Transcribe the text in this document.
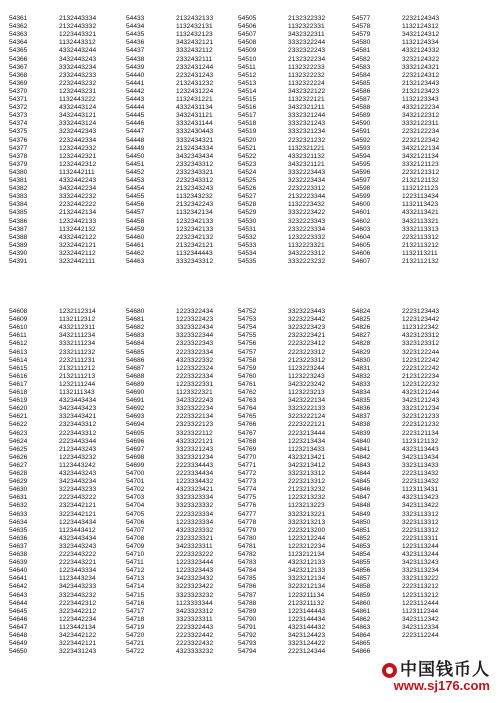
54361	2132443334
54362	2132443332
54363	1223443321
54364	1132443312
54365	4332443244
54366	3432443243
54367	3332443234
54368	2332443233
54369	2232443232
54370	1232443231
54371	1132443222
54372	4332443124
54373	3432443121
54374	3332443124
54375	3232442343
54376	2232442334
54377	1232442332
54378	1232442321
54379	1232442312
54380	1132442111
54381	4332442243
54382	3432442234
54383	3332442232
54384	2232442222
54385	2132442134
54386	1232442133
54387	1132442132
54388	4332442122
54389	3232442121
54390	3232442112
54391	3232442111
54433	2132432133
54434	1132432131
54435	1132432123
54436	3432432121
54437	3332432112
54438	2332432111
54439	2332431244
54440	2232431243
54441	2132431232
54442	1232431224
54443	1132431221
54444	4332431134
54445	3432431121
54446	3332431144
54447	3332430443
54448	3332434321
54449	2132434334
54450	3432343434
54451	2332343312
54452	2332343321
54453	2232343312
54454	2132343243
54455	1132343232
54456	2132342243
54457	1132342134
54458	1232342133
54459	1232342133
54460	2232342132
54461	2132342121
54462	1132344443
54463	3332343312
54505	2132322332
54506	1132322331
54507	3432322311
54508	3332322244
54509	2332322243
54510	2132322234
54511	1132322233
54512	1132322232
54513	1132322224
54514	3432322122
54515	1132322121
54516	3432321211
54517	3332321244
54518	3332321243
54519	3332321234
54520	2232321232
54521	1132321221
54522	4332321132
54523	3432321121
54524	3332223443
54525	3232223434
54526	2232223312
54527	2132223344
54528	1132223432
54529	3332223422
54530	3232223343
54531	2332223334
54532	1232223332
54533	1132223321
54534	3432223312
54535	3332223232
54577	2232124343
54578	1132124312
54579	3432124312
54580	1132124334
54581	4332124332
54582	3232124322
54583	3332124321
54584	2232124312
54585	2132123443
54586	2132123423
54587	1132123343
54588	4332122234
54589	3432122312
54590	3332122311
54591	2232122234
54592	2232122342
54593	3432122134
54594	3432121134
54595	3332121123
54596	2232121312
54597	2132121132
54598	1132121123
54599	1223113434
54600	1132113423
54601	4332113421
54602	3432113321
54603	3332113313
54604	2232113312
54605	2132113212
54606	1132113211
54607	2132112132
54608	1232112314
54609	1132112312
54610	4332112311
54611	3432111234
54612	3332111234
54613	2332111232
54614	2232111231
54615	2132111212
54616	2132111213
54617	1232111244
54618	1132111343
54619	4323443434
54620	3423443423
54621	3323443421
54622	2323443312
54623	2223443312
54624	2223443344
54625	2123443243
54626	1223443232
54627	1123443242
54628	4323443243
54629	3423443234
54630	3223443233
54631	2223443222
54632	2323442121
54633	3223442121
54634	1223443434
54635	1123443412
54636	4323443434
54637	3323443243
54638	2223443222
54639	2223443221
54640	1223443334
54641	1123443234
54642	3423443233
54643	3323443232
54644	2223442312
54645	3223442212
54646	1223442234
54647	1123442134
54648	3423442122
54649	3223442121
54650	3223431243
54680	1223322434
54681	1223322423
54682	3323322434
54683	3323322344
54684	2323322343
54685	2223322334
54686	4323322332
54687	1223322324
54688	2223322334
54689	1223322331
54690	1123322321
54691	3423322243
54692	3323322234
54693	2223322134
54694	2323322123
54695	3323322112
54696	4323322121
54697	3323321243
54698	3323321234
54699	2223334443
54700	2223334434
54701	1223334432
54702	4323323421
54703	3323323334
54704	3323323332
54705	2223323334
54706	1223323334
54707	4323323332
54708	2323323321
54709	3423323311
54710	2223323222
54711	1223323444
54712	1223323443
54713	3423323432
54714	3223323422
54715	3323323232
54716	1123333344
54717	3423323312
54718	3323323311
54719	2223322443
54720	2223322442
54721	2223322432
54722	4323333232
54752	3323223443
54753	3223223442
54754	3223223423
54755	2323223421
54756	2223223412
54757	2223223312
54758	2123223312
54759	1123223244
54760	1123223243
54761	3423223242
54762	1123223213
54763	3423222134
54764	3323222133
54765	3223222124
54766	2223222121
54767	2223213444
54768	1223213434
54769	1123213433
54770	4323213421
54771	3423213412
54772	3323213312
54773	2223213312
54774	2123213232
54775	1223213232
54776	1123213223
54777	3323213221
54778	3323213213
54779	2223213200
54780	1223212244
54781	1223212234
54782	1123212134
54783	4323212133
54784	3423212133
54785	3323212134
54786	3223212134
54787	1223211134
54788	2123211132
54789	1223144443
54790	1223144434
54791	4323144432
54792	3423124423
54793	3323124422
54794	2223124344
54824	2223123443
54825	1223123442
54826	1123122342
54827	4323123312
54828	3323123312
54829	3223122244
54830	1223122242
54831	2223122242
54832	2123122234
54833	1223122232
54834	4323121244
54835	3423121243
54836	3323121234
54837	3223121233
54838	2223121232
54839	2223121134
54840	1123121132
54841	4323113443
54842	3423113434
54843	3323113433
54844	2223113432
54845	2223113432
54846	1123113431
54847	4323113423
54848	3423113422
54849	3323113312
54850	3223113312
54851	2223113312
54852	2223113311
54853	1223113244
54854	4323113244
54855	3423113243
54856	3323113234
54857	3323113222
54858	2223113212
54859	1223113212
54860	1223112444
54861	1123112344
54862	3423112342
54863	3423112334
54864	2223112244
54865
54866
中国钱币人
www.sj176.com
